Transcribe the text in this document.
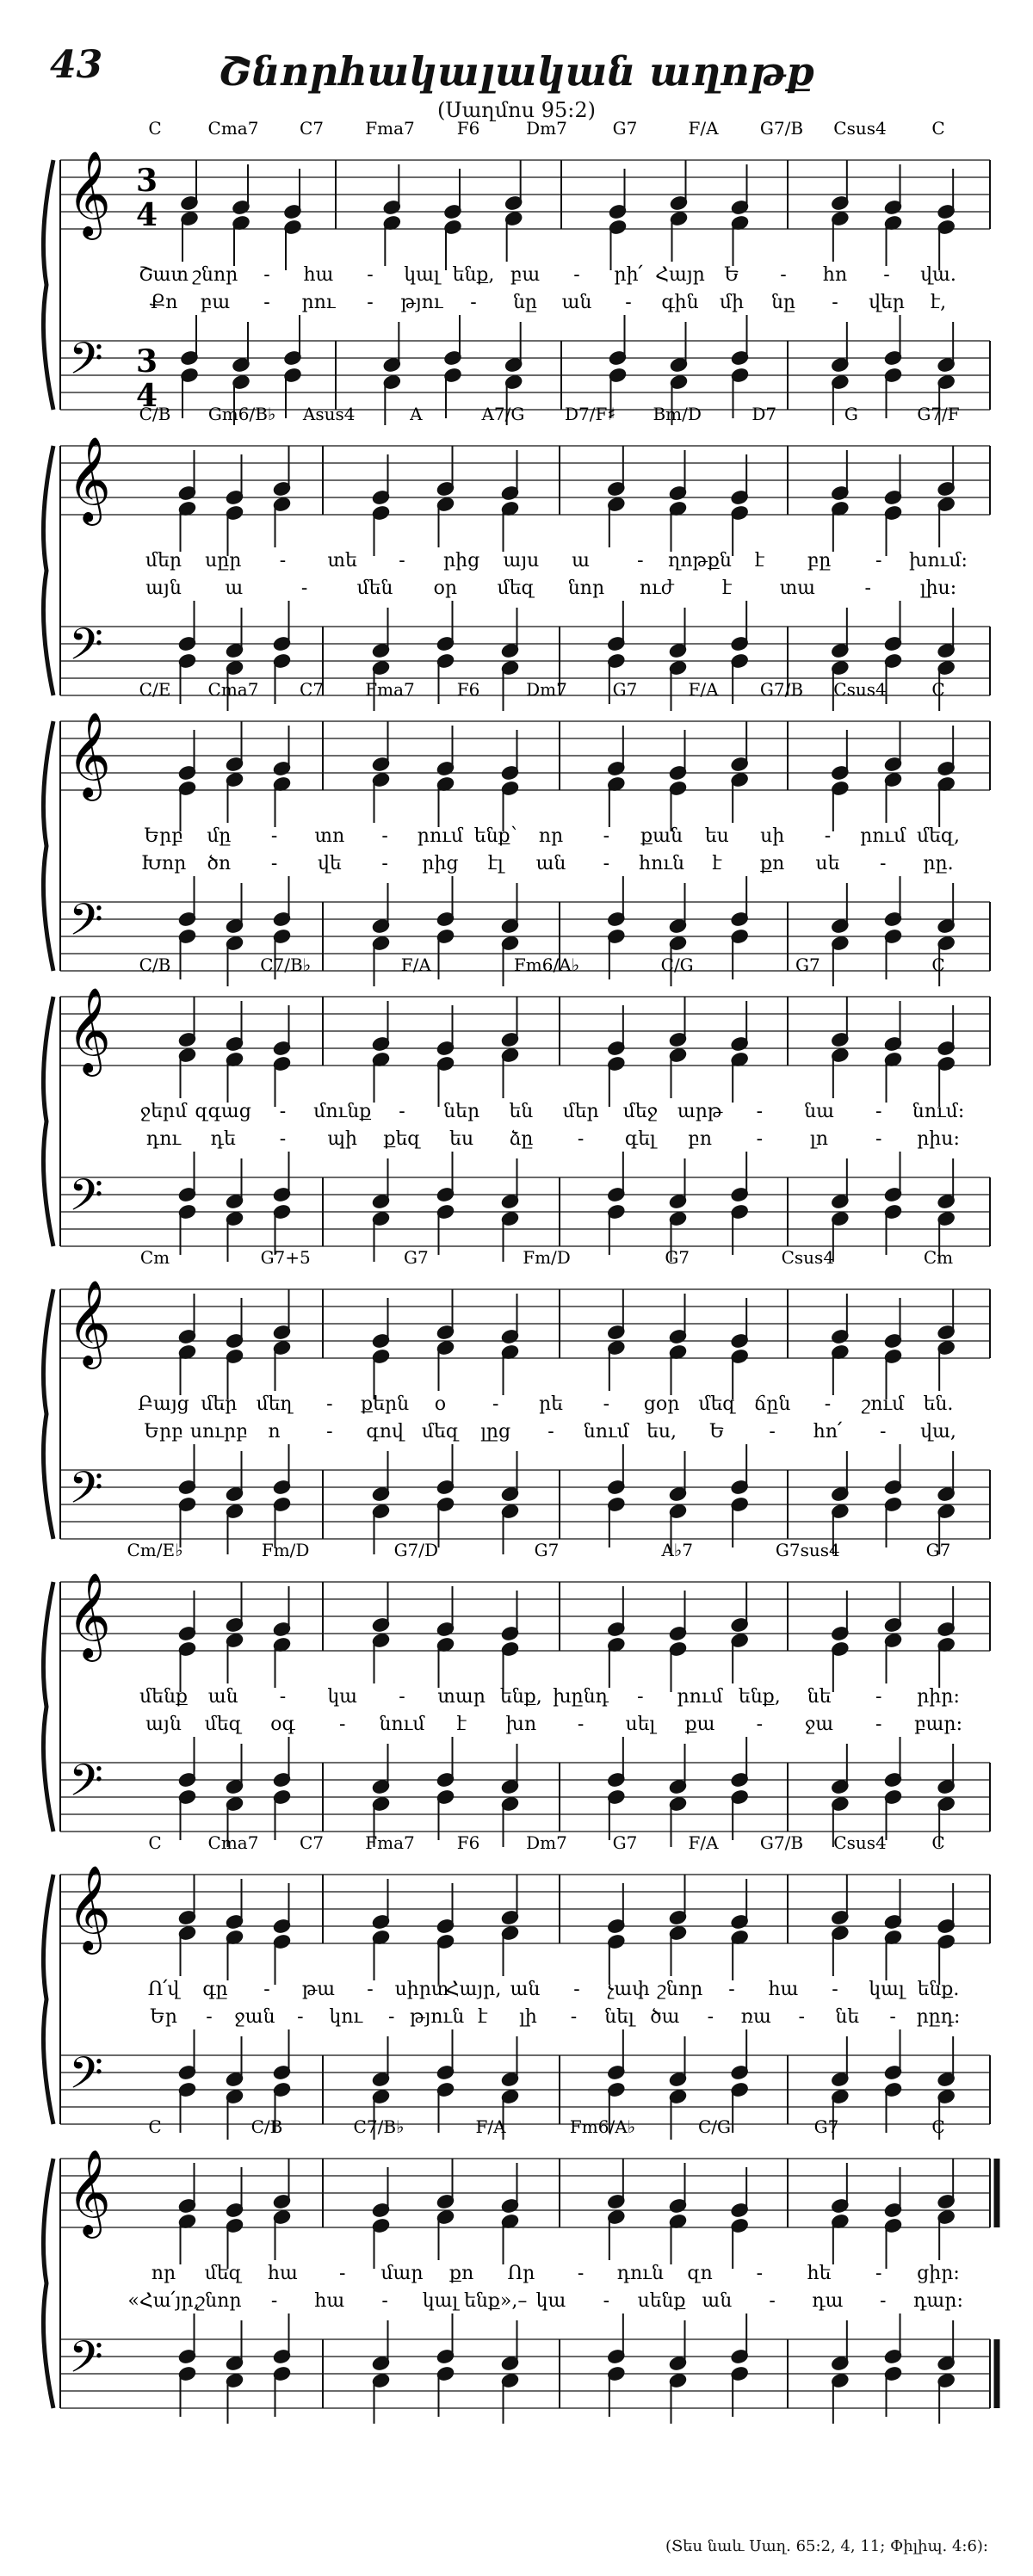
43	Շնորհակալական աղոթք
(Սաղմոս 95:2)
𝄞
𝄢
3
4
3
4
C	Cma7 C7 Fma7 F6	Dm7	G7	F/A G7/B Csus4	C
Շատ շնոր - հա - կալ ենք, բա - րի՛ Հայր Ե - հո - վա.
Քո բա - րու - թյու - նը ան - գին մի նը - վեր է,
𝄞
𝄢
C/B Gm6/B♭ Asus4	A	A7/G D7/F♯ Bm/D	D7	G	G7/F
մեր սըր - տե - րից այս ա	- ղոթքն է բը - խում:
այն ա	-	մեն օր մեզ նոր ուժ	է	տա	-	լիս:
𝄞
𝄢
C/E Cma7 C7 Fma7 F6	Dm7	G7	F/A G7/B Csus4	C
Երբ մը - տո - րում ենք՝ որ - քան ես սի - րում մեզ,
Խոր ծո - վե - րից էլ ան - հուն է քո սե - րը.
𝄞
𝄢
C/B	C7/B♭	F/A	Fm6/A♭	C/G	G7	C
ջերմ զգաց - մունք - ներ են մեր մեջ արթ - նա - նում:
դու դե - պի քեզ ես ձը - գել բո -	լո	- րիս:
𝄞
𝄢
Cm	G7+5	G7	Fm/D	G7	Csus4	Cm
Բայց մեր մեղ - քերն օ - րե - ցօր մեզ ճըն - շում են.
Երբ սուրբ ո - գով մեզ լըց - նում ես, Ե - հո՛ - վա,
𝄞
𝄢
Cm/E♭	Fm/D	G7/D	G7	A♭7	G7sus4	G7
մենք ան - կա - տար ենք, խընդ - րում ենք, նե - րիր:
այն մեզ օգ - նում է խո - սել քա - ջա - բար:
𝄞
𝄢
C	Cma7 C7 Fma7 F6	Dm7	G7	F/A G7/B Csus4	C
Ո՛վ գը - թա - սիրտ
Հայր, ան - չափ շնոր - հա - կալ ենք.
Եր - ջան - կու - թյուն է լի - նել ծա - ռա - նե - րըդ:
𝄞
𝄢
C	C/B	C7/B♭	F/A	Fm6/A♭	C/G	G7	C
որ մեզ հա - մար քո Որ - դուն զո - հե - ցիր:
«Հա՛յր,
շնոր - հա - կալ ենք»,– կա - սենք ան - դա - դար:
(Տես նաև Սաղ. 65:2, 4, 11; Փիլիպ. 4:6):
